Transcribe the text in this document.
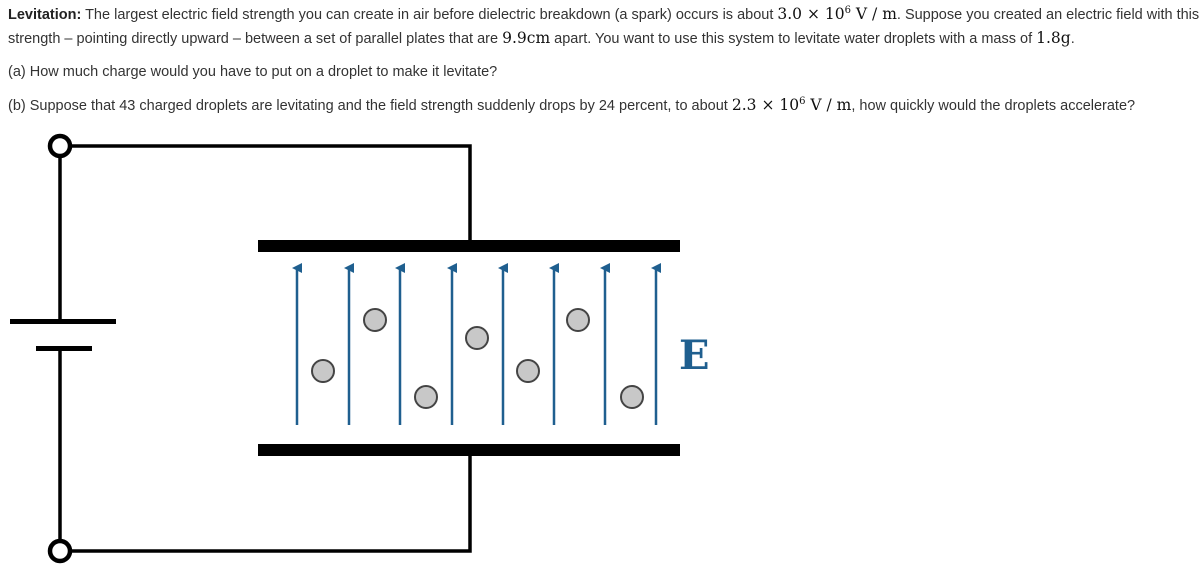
Levitation: The largest electric field strength you can create in air before dielectric breakdown (a spark) occurs is about $3.0 \times 10^6$ V / m. Suppose you created an electric field with this
strength – pointing directly upward – between a set of parallel plates that are 9.9cm apart. You want to use this system to levitate water droplets with a mass of 1.8g.

(a) How much charge would you have to put on a droplet to make it levitate?

(b) Suppose that 43 charged droplets are levitating and the field strength suddenly drops by 24 percent, to about $2.3 \times 10^6$ V / m, how quickly would the droplets accelerate?

E
